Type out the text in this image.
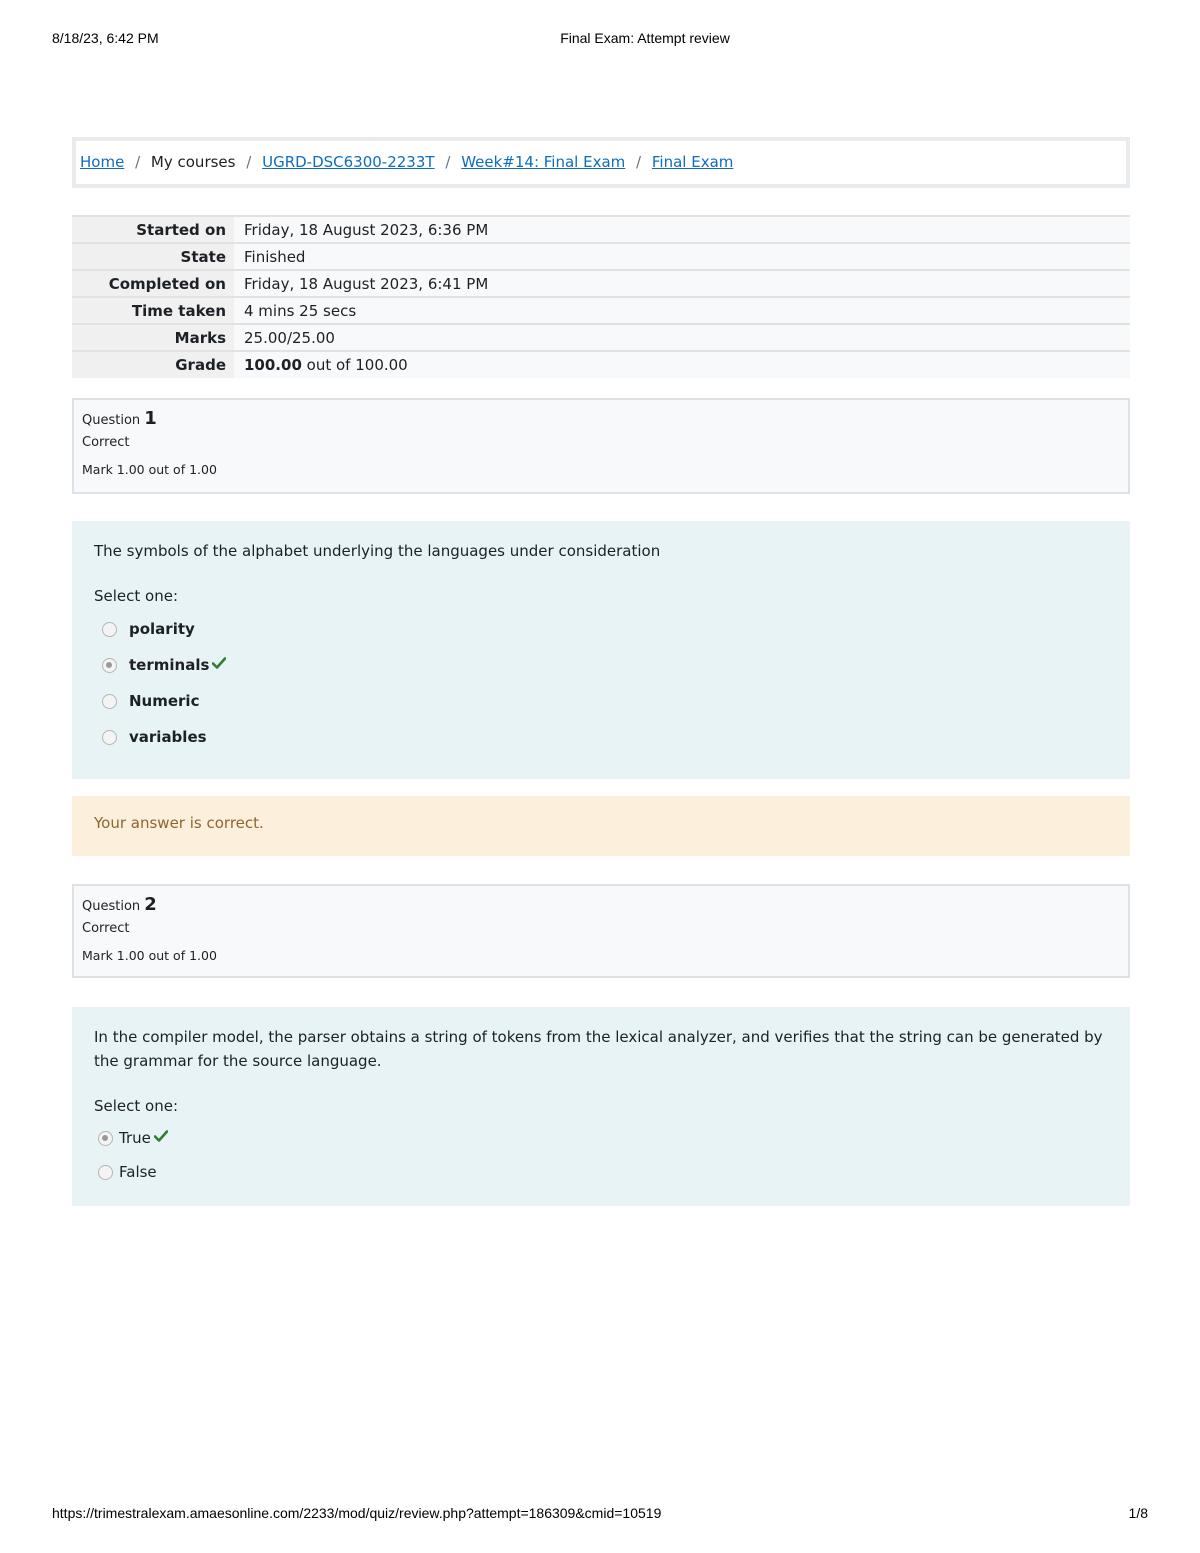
8/18/23, 6:42 PM	Final Exam: Attempt review
Home / My courses / UGRD-DSC6300-2233T / Week#14: Final Exam / Final Exam
Started on	Friday, 18 August 2023, 6:36 PM
State	Finished
Completed on	Friday, 18 August 2023, 6:41 PM
Time taken	4 mins 25 secs
Marks	25.00/25.00
Grade	100.00 out of 100.00
Question 1
Correct
Mark 1.00 out of 1.00
The symbols of the alphabet underlying the languages under consideration
Select one:
polarity
terminals
Numeric
variables
Your answer is correct.
Question 2
Correct
Mark 1.00 out of 1.00
In the compiler model, the parser obtains a string of tokens from the lexical analyzer, and verifies that the string can be generated by the grammar for the source language.
Select one:
True
False
https://trimestralexam.amaesonline.com/2233/mod/quiz/review.php?attempt=186309&cmid=10519	1/8
